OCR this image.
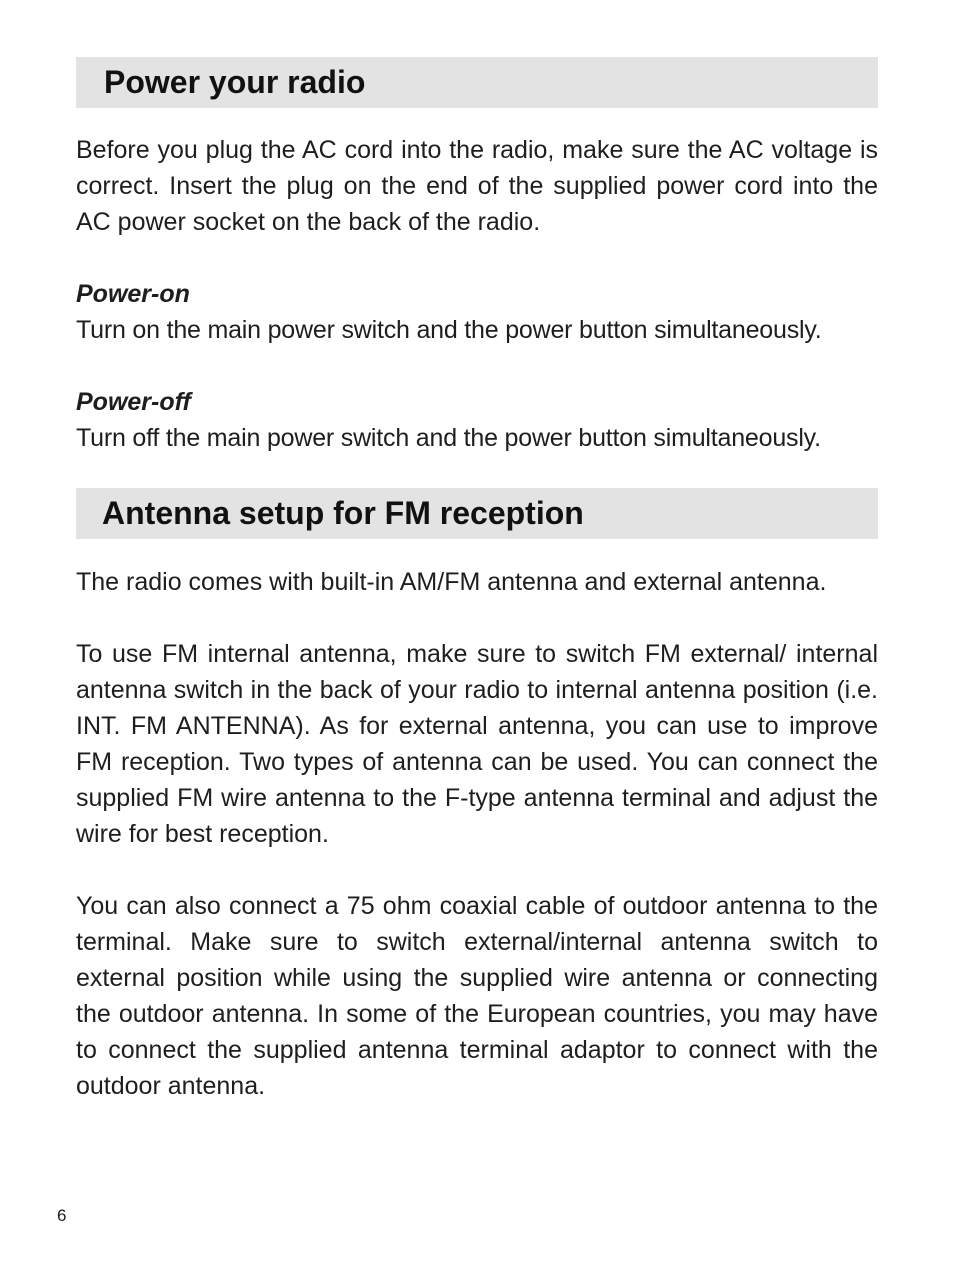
Power your radio

Before you plug the AC cord into the radio, make sure the AC voltage is correct. Insert the plug on the end of the supplied power cord into the AC power socket on the back of the radio.

Power-on

Turn on the main power switch and the power button simultaneously.

Power-off

Turn off the main power switch and the power button simultaneously.

Antenna setup for FM reception

The radio comes with built-in AM/FM antenna and external antenna.

To use FM internal antenna, make sure to switch FM external/ internal antenna switch in the back of your radio to internal antenna position (i.e. INT. FM ANTENNA). As for external antenna, you can use to improve FM reception. Two types of antenna can be used. You can connect the supplied FM wire antenna to the F-type antenna terminal and adjust the wire for best reception.

You can also connect a 75 ohm coaxial cable of outdoor antenna to the terminal. Make sure to switch external/internal antenna switch to external position while using the supplied wire antenna or connecting the outdoor antenna. In some of the European countries, you may have to connect the supplied antenna terminal adaptor to connect with the outdoor antenna.

6
